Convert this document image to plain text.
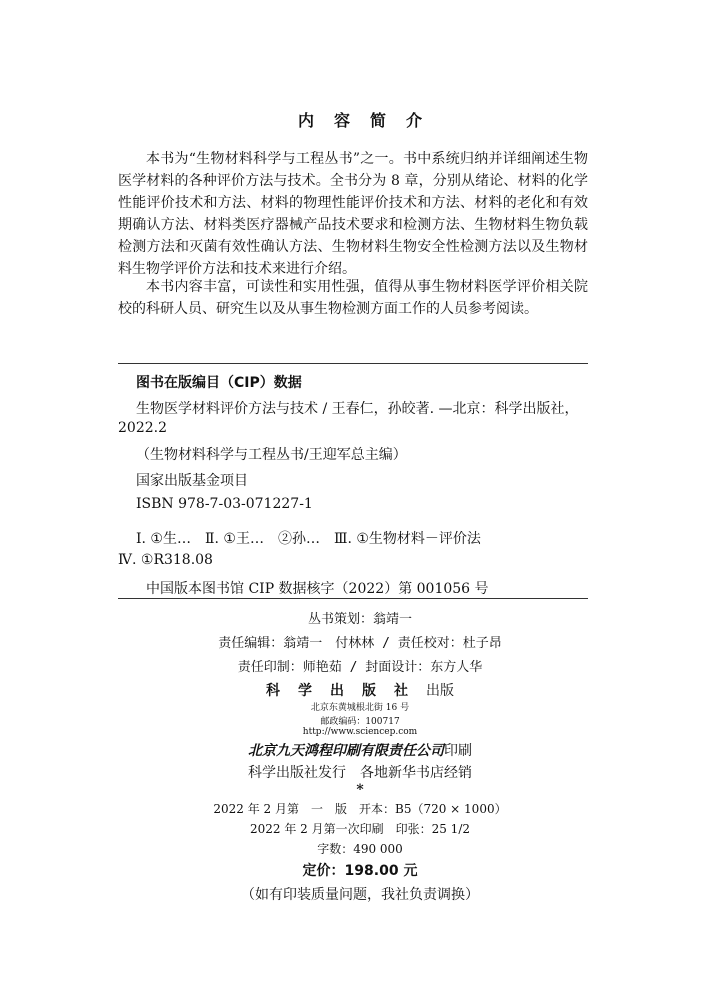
内容简介
本书为“生物材料科学与工程丛书”之一。书中系统归纳并详细阐述生物医学材料的各种评价方法与技术。全书分为 8 章，分别从绪论、材料的化学性能评价技术和方法、材料的物理性能评价技术和方法、材料的老化和有效期确认方法、材料类医疗器械产品技术要求和检测方法、生物材料生物负载检测方法和灭菌有效性确认方法、生物材料生物安全性检测方法以及生物材料生物学评价方法和技术来进行介绍。
本书内容丰富，可读性和实用性强，值得从事生物材料医学评价相关院校的科研人员、研究生以及从事生物检测方面工作的人员参考阅读。
图书在版编目（CIP）数据
生物医学材料评价方法与技术 / 王春仁，孙皎著. —北京：科学出版社，
2022.2
（生物材料科学与工程丛书/王迎军总主编）
国家出版基金项目
ISBN 978-7-03-071227-1
Ⅰ. ①生…　Ⅱ. ①王…　②孙…　Ⅲ. ①生物材料－评价法
Ⅳ. ①R318.08
中国版本图书馆 CIP 数据核字（2022）第 001056 号
丛书策划：翁靖一
责任编辑：翁靖一　付林林 / 责任校对：杜子昂
责任印制：师艳茹 / 封面设计：东方人华
科学出版社出版
北京东黄城根北街 16 号
邮政编码：100717
http://www.sciencep.com
北京九天鸿程印刷有限责任公司印刷
科学出版社发行　各地新华书店经销
*
2022 年 2 月第　一　版　开本：B5（720 × 1000）
2022 年 2 月第一次印刷　印张：25 1/2
字数：490 000
定价：198.00 元
（如有印装质量问题，我社负责调换）
